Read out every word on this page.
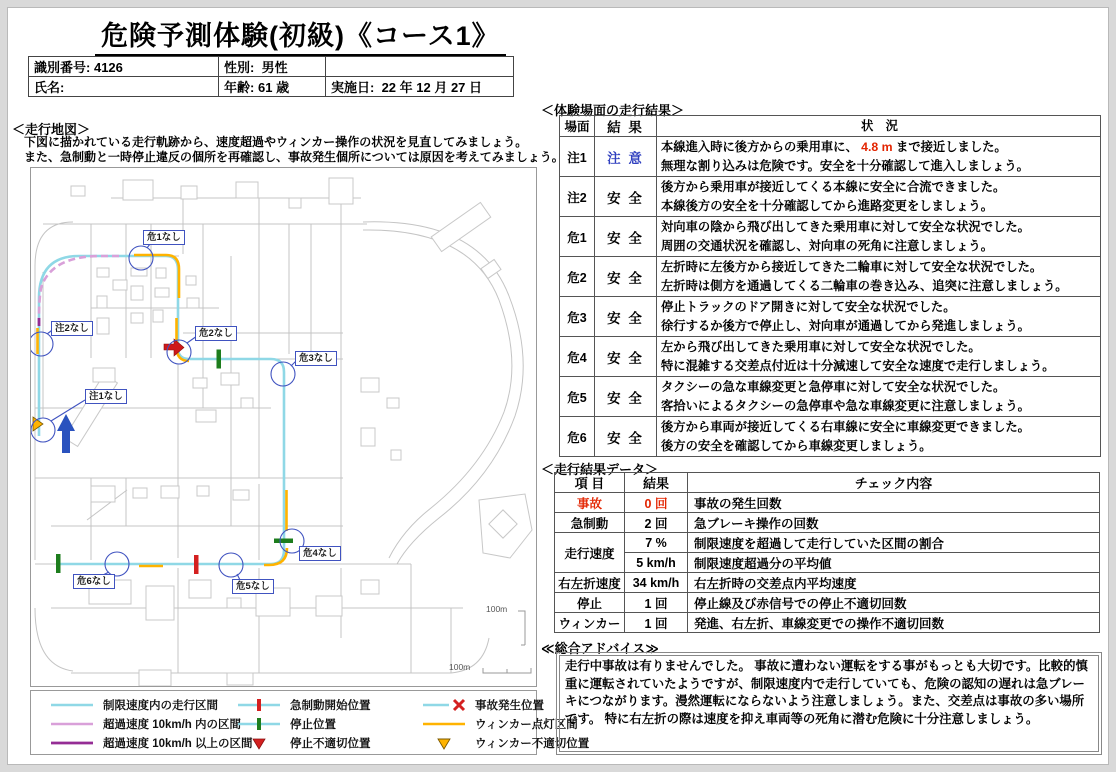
危険予測体験(初級)《コース1》
識別番号: 4126	性別: 男性	
氏名:	年齢: 61 歳	実施日: 22 年 12 月 27 日
＜走行地図＞
下図に描かれている走行軌跡から、速度超過やウィンカー操作の状況を見直してみましょう。
また、急制動と一時停止違反の個所を再確認し、事故発生個所については原因を考えてみましょう。
100m
100m
危1なし
注2なし	危2なし
注1なし
危3なし
危4なし
危5なし
危6なし
制限速度内の走行区間
超過速度 10km/h 内の区間
超過速度 10km/h 以上の区間
急制動開始位置
停止位置
停止不適切位置
事故発生位置
ウィンカー点灯区間
ウィンカー不適切位置
＜体験場面の走行結果＞
場面	結 果	状　況
注1	注 意	本線進入時に後方からの乗用車に、 4.8 m まで接近しました。
無理な割り込みは危険です。安全を十分確認して進入しましょう。

注2	安 全	後方から乗用車が接近してくる本線に安全に合流できました。
本線後方の安全を十分確認してから進路変更をしましょう。

危1	安 全	対向車の陰から飛び出してきた乗用車に対して安全な状況でした。
周囲の交通状況を確認し、対向車の死角に注意しましょう。

危2	安 全	左折時に左後方から接近してきた二輪車に対して安全な状況でした。
左折時は側方を通過してくる二輪車の巻き込み、追突に注意しましょう。

危3	安 全	停止トラックのドア開きに対して安全な状況でした。
徐行するか後方で停止し、対向車が通過してから発進しましょう。

危4	安 全	左から飛び出してきた乗用車に対して安全な状況でした。
特に混雑する交差点付近は十分減速して安全な速度で走行しましょう。

危5	安 全	タクシーの急な車線変更と急停車に対して安全な状況でした。
客拾いによるタクシーの急停車や急な車線変更に注意しましょう。

危6	安 全	後方から車両が接近してくる右車線に安全に車線変更できました。
後方の安全を確認してから車線変更しましょう。
＜走行結果データ＞
項 目	結果	チェック内容
事故	0 回	事故の発生回数
急制動	2 回	急ブレーキ操作の回数
走行速度	7 %	制限速度を超過して走行していた区間の割合
	5 km/h	制限速度超過分の平均値
右左折速度	34 km/h	右左折時の交差点内平均速度
停止	1 回	停止線及び赤信号での停止不適切回数
ウィンカー	1 回	発進、右左折、車線変更での操作不適切回数
≪総合アドバイス≫
走行中事故は有りませんでした。 事故に遭わない運転をする事がもっとも大切です。比較的慎重に運転されていたようですが、制限速度内で走行していても、危険の認知の遅れは急ブレーキにつながります。漫然運転にならないよう注意しましょう。また、交差点は事故の多い場所です。 特に右左折の際は速度を抑え車両等の死角に潜む危険に十分注意しましょう。
